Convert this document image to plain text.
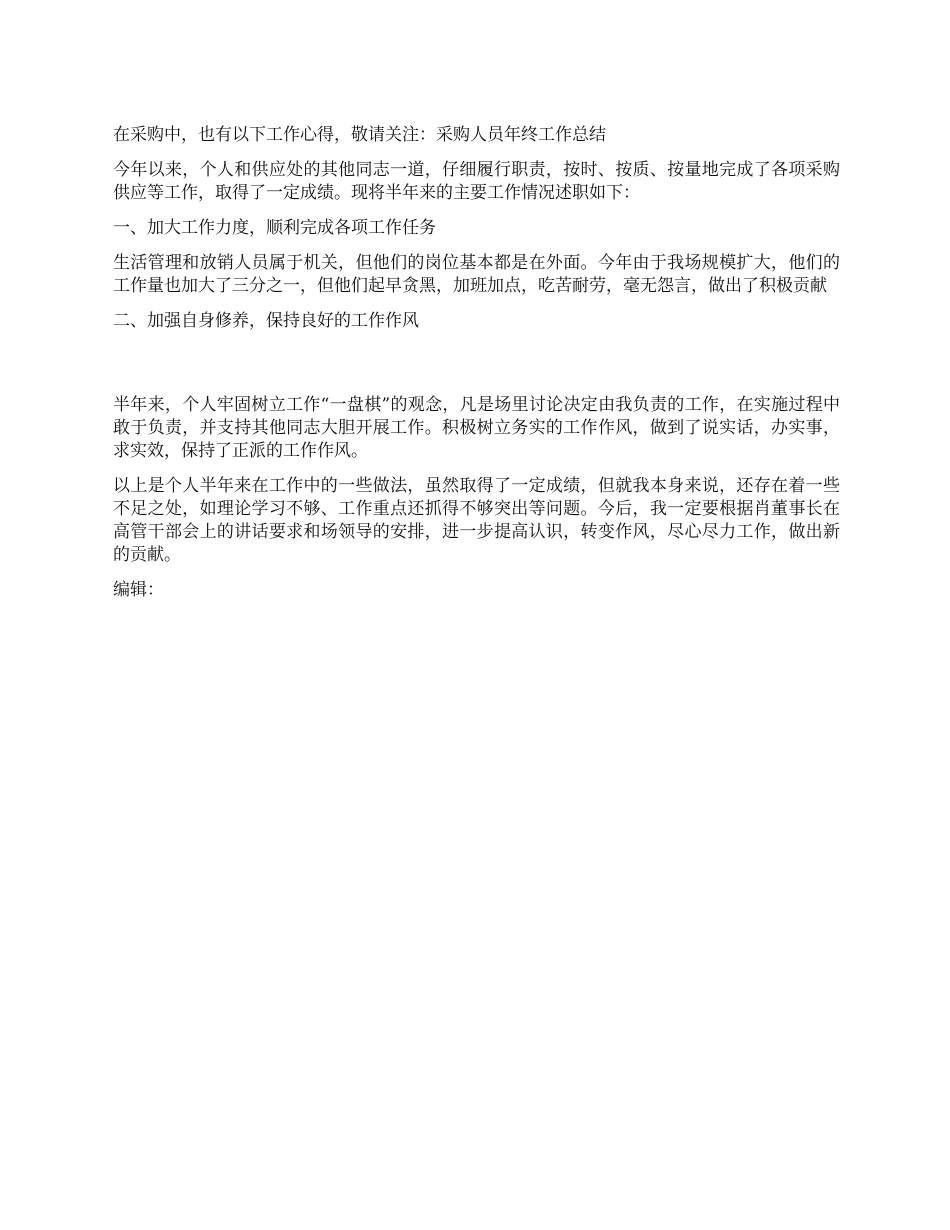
在采购中，也有以下工作心得，敬请关注：采购人员年终工作总结

今年以来，个人和供应处的其他同志一道，仔细履行职责，按时、按质、按量地完成了各项采购供应等工作，取得了一定成绩。现将半年来的主要工作情况述职如下：

一、加大工作力度，顺利完成各项工作任务

生活管理和放销人员属于机关，但他们的岗位基本都是在外面。今年由于我场规模扩大，他们的工作量也加大了三分之一，但他们起早贪黑，加班加点，吃苦耐劳，毫无怨言，做出了积极贡献

二、加强自身修养，保持良好的工作作风

半年来，个人牢固树立工作“一盘棋”的观念，凡是场里讨论决定由我负责的工作，在实施过程中敢于负责，并支持其他同志大胆开展工作。积极树立务实的工作作风，做到了说实话，办实事，求实效，保持了正派的工作作风。

以上是个人半年来在工作中的一些做法，虽然取得了一定成绩，但就我本身来说，还存在着一些不足之处，如理论学习不够、工作重点还抓得不够突出等问题。今后，我一定要根据肖董事长在高管干部会上的讲话要求和场领导的安排，进一步提高认识，转变作风，尽心尽力工作，做出新的贡献。

编辑：
